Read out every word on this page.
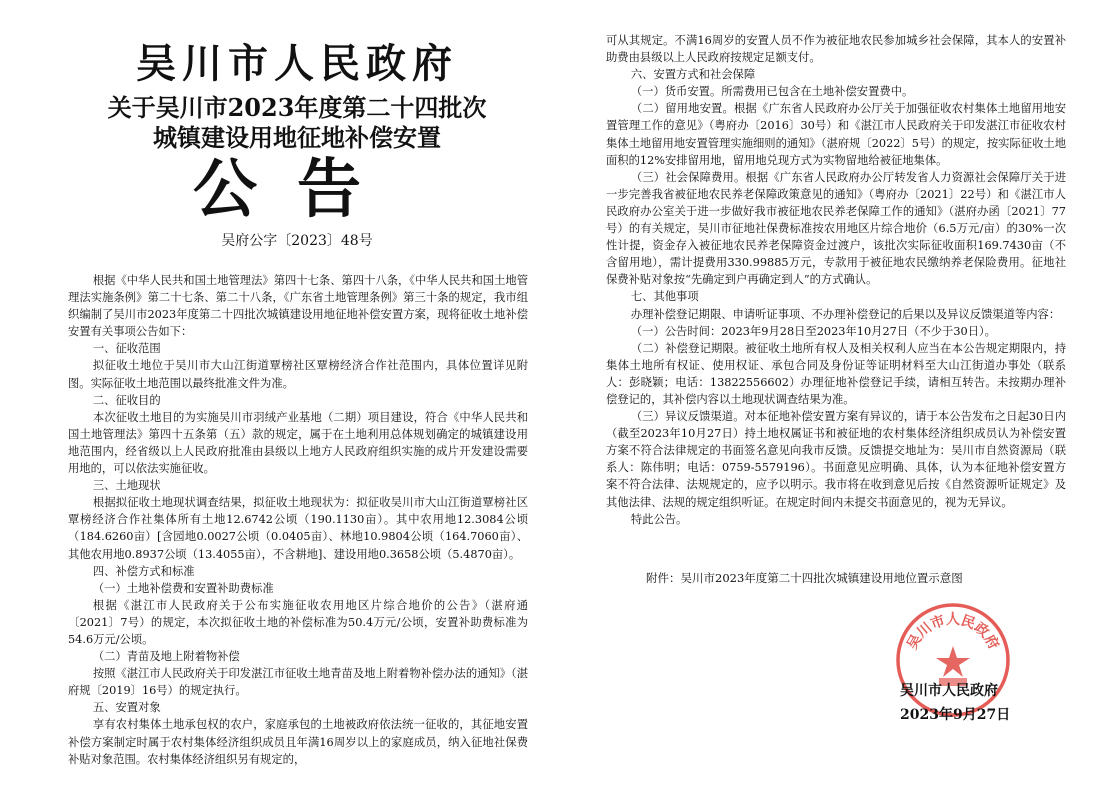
吴川市人民政府
关于吴川市2023年度第二十四批次
城镇建设用地征地补偿安置
公告
吴府公字〔2023〕48号

根据《中华人民共和国土地管理法》第四十七条、第四十八条，《中华人民共和国土地管理法实施条例》第二十七条、第二十八条，《广东省土地管理条例》第三十条的规定，我市组织编制了吴川市2023年度第二十四批次城镇建设用地征地补偿安置方案，现将征收土地补偿安置有关事项公告如下：

一、征收范围

拟征收土地位于吴川市大山江街道覃榜社区覃榜经济合作社范围内，具体位置详见附图。实际征收土地范围以最终批准文件为准。

二、征收目的

本次征收土地目的为实施吴川市羽绒产业基地（二期）项目建设，符合《中华人民共和国土地管理法》第四十五条第（五）款的规定，属于在土地利用总体规划确定的城镇建设用地范围内，经省级以上人民政府批准由县级以上地方人民政府组织实施的成片开发建设需要用地的，可以依法实施征收。

三、土地现状

根据拟征收土地现状调查结果，拟征收土地现状为：拟征收吴川市大山江街道覃榜社区覃榜经济合作社集体所有土地12.6742公顷（190.1130亩）。其中农用地12.3084公顷（184.6260亩）[含园地0.0027公顷（0.0405亩）、林地10.9804公顷（164.7060亩）、其他农用地0.8937公顷（13.4055亩），不含耕地]、建设用地0.3658公顷（5.4870亩）。

四、补偿方式和标准

（一）土地补偿费和安置补助费标准

根据《湛江市人民政府关于公布实施征收农用地区片综合地价的公告》（湛府通〔2021〕7号）的规定，本次拟征收土地的补偿标准为50.4万元/公顷，安置补助费标准为54.6万元/公顷。

（二）青苗及地上附着物补偿

按照《湛江市人民政府关于印发湛江市征收土地青苗及地上附着物补偿办法的通知》（湛府规〔2019〕16号）的规定执行。

五、安置对象

享有农村集体土地承包权的农户，家庭承包的土地被政府依法统一征收的，其征地安置补偿方案制定时属于农村集体经济组织成员且年满16周岁以上的家庭成员，纳入征地社保费补贴对象范围。农村集体经济组织另有规定的，

可从其规定。不满16周岁的安置人员不作为被征地农民参加城乡社会保障，其本人的安置补助费由县级以上人民政府按规定足额支付。

六、安置方式和社会保障

（一）货币安置。所需费用已包含在土地补偿安置费中。

（二）留用地安置。根据《广东省人民政府办公厅关于加强征收农村集体土地留用地安置管理工作的意见》（粤府办〔2016〕30号）和《湛江市人民政府关于印发湛江市征收农村集体土地留用地安置管理实施细则的通知》（湛府规〔2022〕5号）的规定，按实际征收土地面积的12%安排留用地，留用地兑现方式为实物留地给被征地集体。

（三）社会保障费用。根据《广东省人民政府办公厅转发省人力资源社会保障厅关于进一步完善我省被征地农民养老保障政策意见的通知》（粤府办〔2021〕22号）和《湛江市人民政府办公室关于进一步做好我市被征地农民养老保障工作的通知》（湛府办函〔2021〕77号）的有关规定，吴川市征地社保费标准按农用地区片综合地价（6.5万元/亩）的30%一次性计提，资金存入被征地农民养老保障资金过渡户，该批次实际征收面积169.7430亩（不含留用地），需计提费用330.99885万元，专款用于被征地农民缴纳养老保险费用。征地社保费补贴对象按“先确定到户再确定到人”的方式确认。

七、其他事项

办理补偿登记期限、申请听证事项、不办理补偿登记的后果以及异议反馈渠道等内容：

（一）公告时间：2023年9月28日至2023年10月27日（不少于30日）。

（二）补偿登记期限。被征收土地所有权人及相关权利人应当在本公告规定期限内，持集体土地所有权证、使用权证、承包合同及身份证等证明材料至大山江街道办事处（联系人：彭晓颖；电话：13822556602）办理征地补偿登记手续，请相互转告。未按期办理补偿登记的，其补偿内容以土地现状调查结果为准。

（三）异议反馈渠道。对本征地补偿安置方案有异议的，请于本公告发布之日起30日内（截至2023年10月27日）持土地权属证书和被征地的农村集体经济组织成员认为补偿安置方案不符合法律规定的书面签名意见向我市反馈。反馈提交地址为：吴川市自然资源局（联系人：陈伟明；电话：0759-5579196）。书面意见应明确、具体，认为本征地补偿安置方案不符合法律、法规规定的，应予以明示。我市将在收到意见后按《自然资源听证规定》及其他法律、法规的规定组织听证。在规定时间内未提交书面意见的，视为无异议。

特此公告。

附件：吴川市2023年度第二十四批次城镇建设用地位置示意图
吴川市人民政府
吴川市人民政府
2023年9月27日
